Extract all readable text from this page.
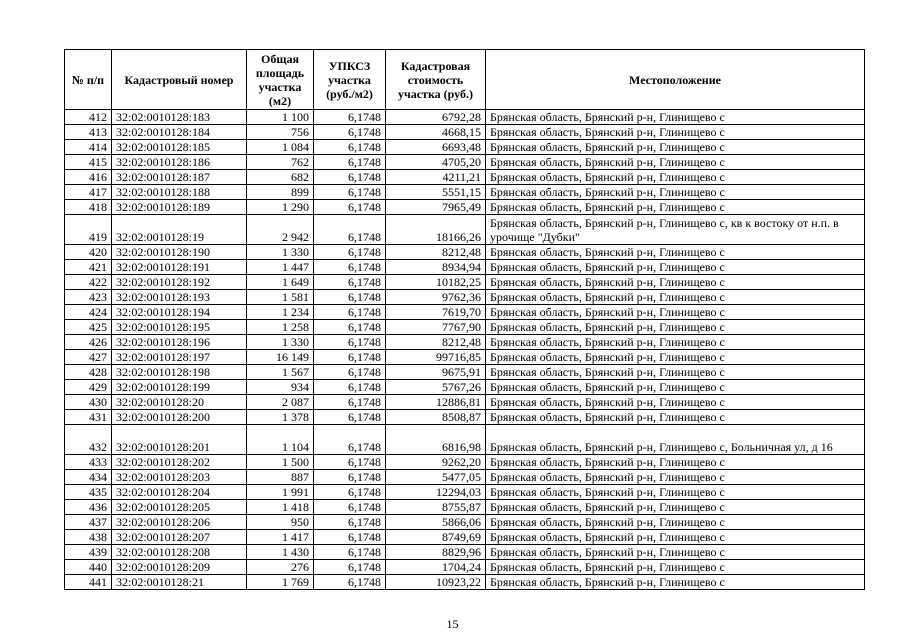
№ п/п	Кадастровый номер	Общая площадь участка (м2)	УПКСЗ участка (руб./м2)	Кадастровая стоимость участка (руб.)	Местоположение
412	32:02:0010128:183	1 100	6,1748	6792,28	Брянская область, Брянский р-н, Глинищево с
413	32:02:0010128:184	756	6,1748	4668,15	Брянская область, Брянский р-н, Глинищево с
414	32:02:0010128:185	1 084	6,1748	6693,48	Брянская область, Брянский р-н, Глинищево с
415	32:02:0010128:186	762	6,1748	4705,20	Брянская область, Брянский р-н, Глинищево с
416	32:02:0010128:187	682	6,1748	4211,21	Брянская область, Брянский р-н, Глинищево с
417	32:02:0010128:188	899	6,1748	5551,15	Брянская область, Брянский р-н, Глинищево с
418	32:02:0010128:189	1 290	6,1748	7965,49	Брянская область, Брянский р-н, Глинищево с
419	32:02:0010128:19	2 942	6,1748	18166,26	Брянская область, Брянский р-н, Глинищево с, кв к востоку от н.п. в урочище "Дубки"
420	32:02:0010128:190	1 330	6,1748	8212,48	Брянская область, Брянский р-н, Глинищево с
421	32:02:0010128:191	1 447	6,1748	8934,94	Брянская область, Брянский р-н, Глинищево с
422	32:02:0010128:192	1 649	6,1748	10182,25	Брянская область, Брянский р-н, Глинищево с
423	32:02:0010128:193	1 581	6,1748	9762,36	Брянская область, Брянский р-н, Глинищево с
424	32:02:0010128:194	1 234	6,1748	7619,70	Брянская область, Брянский р-н, Глинищево с
425	32:02:0010128:195	1 258	6,1748	7767,90	Брянская область, Брянский р-н, Глинищево с
426	32:02:0010128:196	1 330	6,1748	8212,48	Брянская область, Брянский р-н, Глинищево с
427	32:02:0010128:197	16 149	6,1748	99716,85	Брянская область, Брянский р-н, Глинищево с
428	32:02:0010128:198	1 567	6,1748	9675,91	Брянская область, Брянский р-н, Глинищево с
429	32:02:0010128:199	934	6,1748	5767,26	Брянская область, Брянский р-н, Глинищево с
430	32:02:0010128:20	2 087	6,1748	12886,81	Брянская область, Брянский р-н, Глинищево с
431	32:02:0010128:200	1 378	6,1748	8508,87	Брянская область, Брянский р-н, Глинищево с
432	32:02:0010128:201	1 104	6,1748	6816,98	Брянская область, Брянский р-н, Глинищево с, Больничная ул, д 16
433	32:02:0010128:202	1 500	6,1748	9262,20	Брянская область, Брянский р-н, Глинищево с
434	32:02:0010128:203	887	6,1748	5477,05	Брянская область, Брянский р-н, Глинищево с
435	32:02:0010128:204	1 991	6,1748	12294,03	Брянская область, Брянский р-н, Глинищево с
436	32:02:0010128:205	1 418	6,1748	8755,87	Брянская область, Брянский р-н, Глинищево с
437	32:02:0010128:206	950	6,1748	5866,06	Брянская область, Брянский р-н, Глинищево с
438	32:02:0010128:207	1 417	6,1748	8749,69	Брянская область, Брянский р-н, Глинищево с
439	32:02:0010128:208	1 430	6,1748	8829,96	Брянская область, Брянский р-н, Глинищево с
440	32:02:0010128:209	276	6,1748	1704,24	Брянская область, Брянский р-н, Глинищево с
441	32:02:0010128:21	1 769	6,1748	10923,22	Брянская область, Брянский р-н, Глинищево с
15
